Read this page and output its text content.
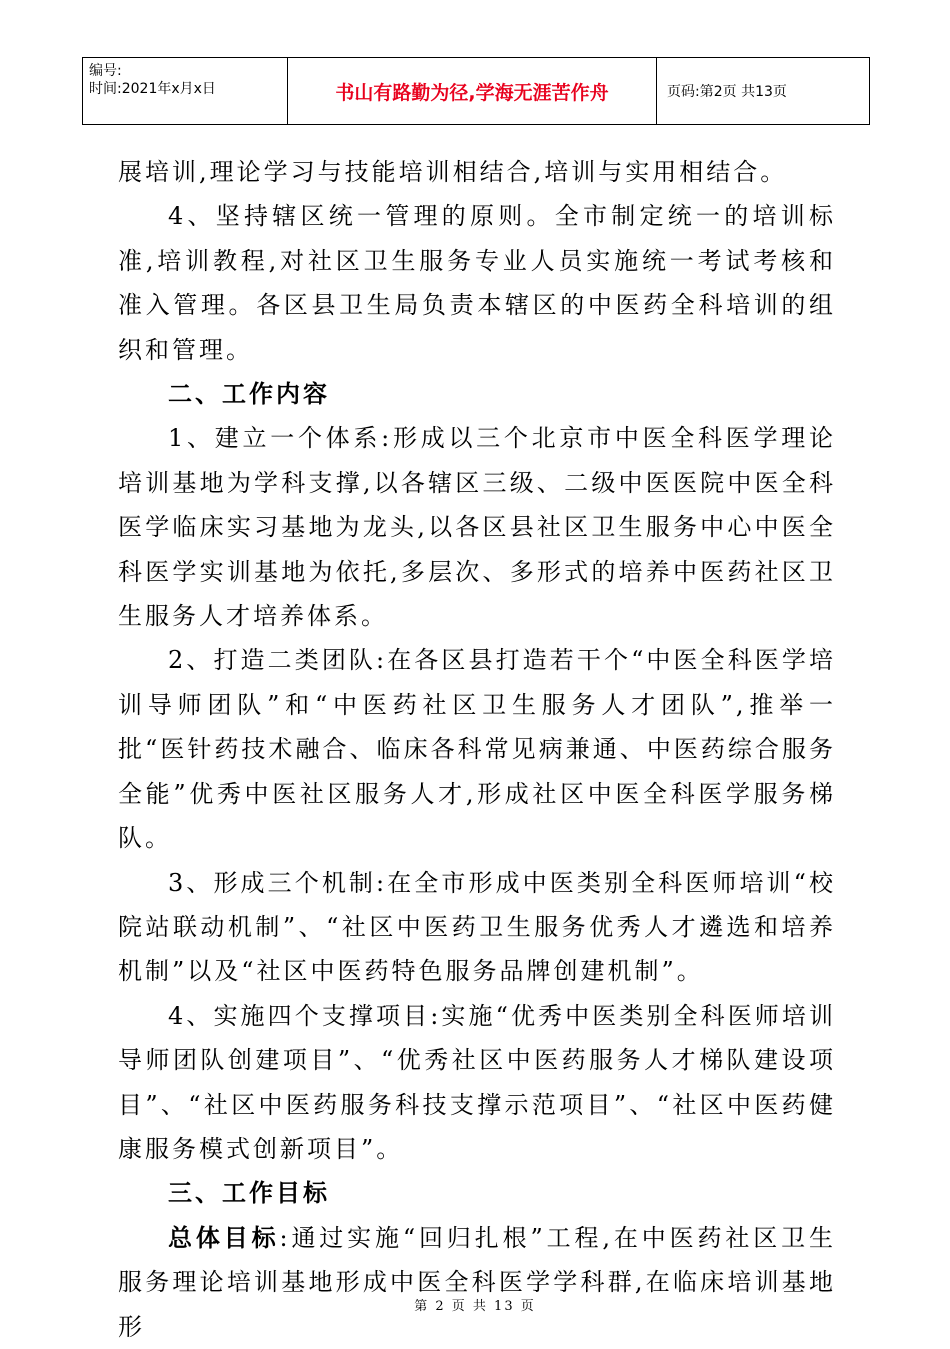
编号:
时间:2021年x月x日	书山有路勤为径,学海无涯苦作舟	页码:第2页 共13页

展培训,理论学习与技能培训相结合,培训与实用相结合。

4、坚持辖区统一管理的原则。全市制定统一的培训标准,培训教程,对社区卫生服务专业人员实施统一考试考核和准入管理。各区县卫生局负责本辖区的中医药全科培训的组织和管理。

二、工作内容

1、建立一个体系:形成以三个北京市中医全科医学理论培训基地为学科支撑,以各辖区三级、二级中医医院中医全科医学临床实习基地为龙头,以各区县社区卫生服务中心中医全科医学实训基地为依托,多层次、多形式的培养中医药社区卫生服务人才培养体系。

2、打造二类团队:在各区县打造若干个“中医全科医学培训导师团队”和“中医药社区卫生服务人才团队”,推举一批“医针药技术融合、临床各科常见病兼通、中医药综合服务全能”优秀中医社区服务人才,形成社区中医全科医学服务梯队。

3、形成三个机制:在全市形成中医类别全科医师培训“校院站联动机制”、“社区中医药卫生服务优秀人才遴选和培养机制”以及“社区中医药特色服务品牌创建机制”。

4、实施四个支撑项目:实施“优秀中医类别全科医师培训导师团队创建项目”、“优秀社区中医药服务人才梯队建设项目”、“社区中医药服务科技支撑示范项目”、“社区中医药健康服务模式创新项目”。

三、工作目标

总体目标:通过实施“回归扎根”工程,在中医药社区卫生服务理论培训基地形成中医全科医学学科群,在临床培训基地形

第 2 页 共 13 页
